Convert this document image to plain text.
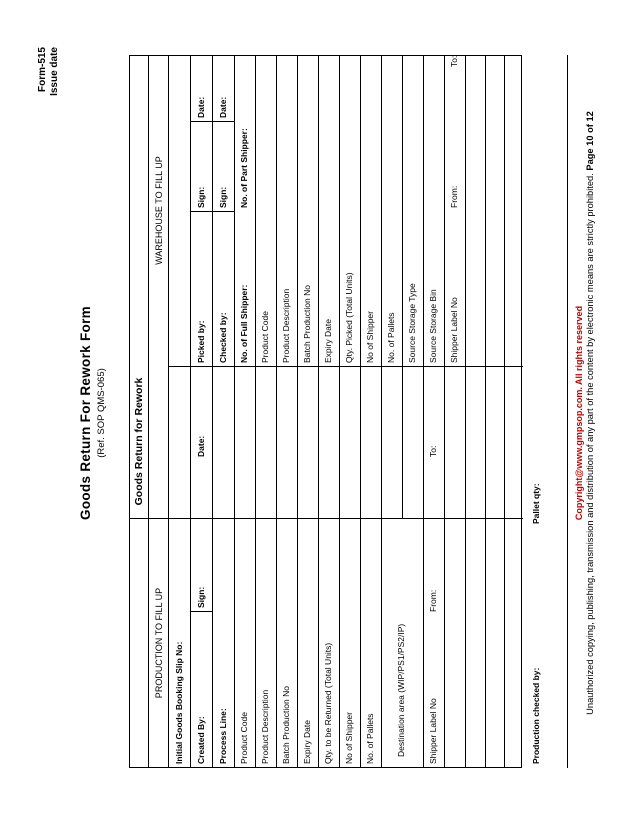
Form-515 Issue date
Goods Return For Rework Form (Ref. SOP QMS-065) Goods Return for Rework
PRODUCTION TO FILL UP
WAREHOUSE TO FILL UP
Initial Goods Booking Slip No: Created By:
Sign:
Date:
Process Line: Product Code Product Description Batch Production No Expiry Date Qty. to be Returned (Total Units) No of Shipper No. of Pallets Destination area (WIP/PS1/PS2/IP)	Shipper Label No
From:
To:
Picked by:
Sign:
Date:
Checked by:
Sign:
Date:
No. of Full Shipper:
No. of Part Shipper:
Product Code Product Description Batch Production No Expiry Date Qty. Picked (Total Units) No of Shipper No. of Pallets Source Storage Type Source Storage Bin Shipper Label No
From:
To:
Production checked by:
Pallet qty:	Copyright@www.gmpsop.com. All rights reserved Unauthorized copying, publishing, transmission and distribution of any part of the content by electronic means are strictly prohibited. Page 10 of 12
